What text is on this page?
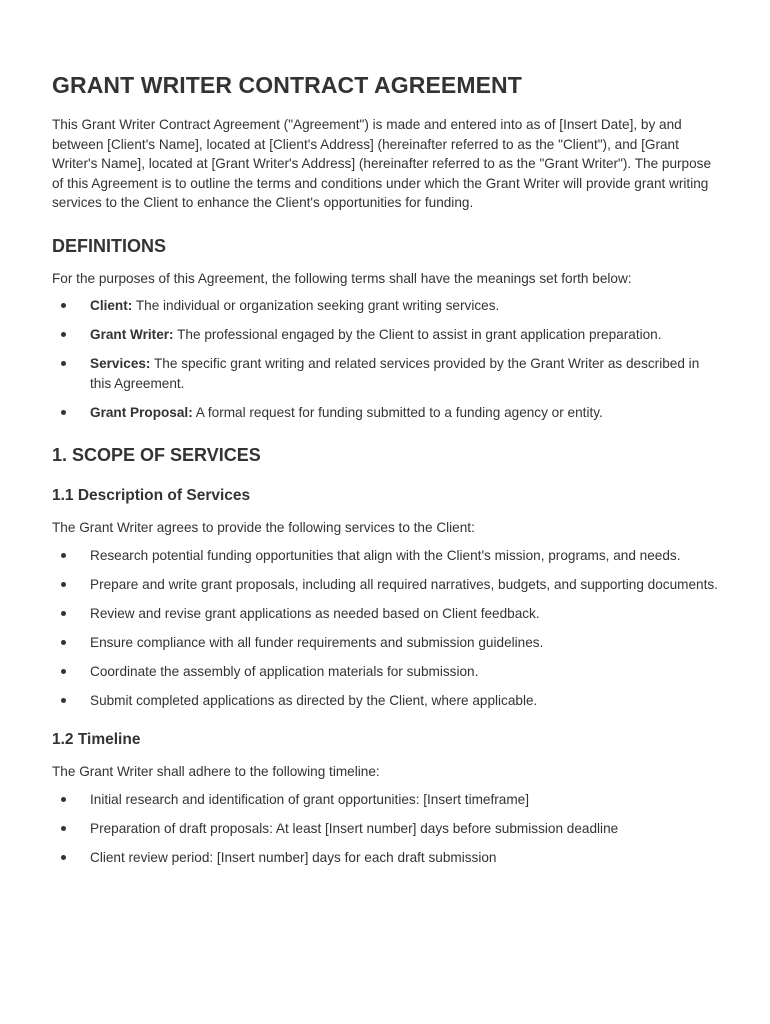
GRANT WRITER CONTRACT AGREEMENT

This Grant Writer Contract Agreement ("Agreement") is made and entered into as of [Insert Date], by and between [Client's Name], located at [Client's Address] (hereinafter referred to as the "Client"), and [Grant Writer's Name], located at [Grant Writer's Address] (hereinafter referred to as the "Grant Writer"). The purpose of this Agreement is to outline the terms and conditions under which the Grant Writer will provide grant writing services to the Client to enhance the Client's opportunities for funding.

DEFINITIONS

For the purposes of this Agreement, the following terms shall have the meanings set forth below:

Client: The individual or organization seeking grant writing services.
Grant Writer: The professional engaged by the Client to assist in grant application preparation.
Services: The specific grant writing and related services provided by the Grant Writer as described in this Agreement.
Grant Proposal: A formal request for funding submitted to a funding agency or entity.
1. SCOPE OF SERVICES
1.1 Description of Services

The Grant Writer agrees to provide the following services to the Client:

Research potential funding opportunities that align with the Client's mission, programs, and needs.
Prepare and write grant proposals, including all required narratives, budgets, and supporting documents.
Review and revise grant applications as needed based on Client feedback.
Ensure compliance with all funder requirements and submission guidelines.
Coordinate the assembly of application materials for submission.
Submit completed applications as directed by the Client, where applicable.
1.2 Timeline

The Grant Writer shall adhere to the following timeline:

Initial research and identification of grant opportunities: [Insert timeframe]
Preparation of draft proposals: At least [Insert number] days before submission deadline
Client review period: [Insert number] days for each draft submission
